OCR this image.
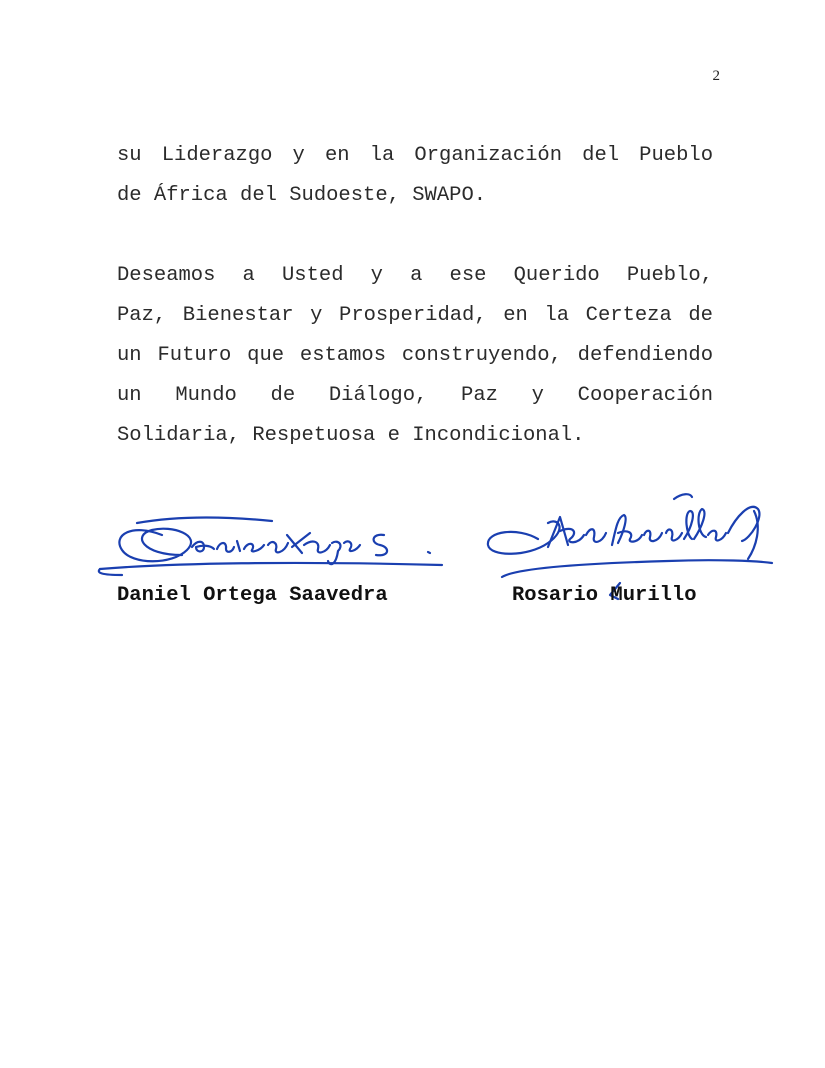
2
su Liderazgo y en la Organización del Pueblo
de África del Sudoeste, SWAPO.
Deseamos a Usted y a ese Querido Pueblo,
Paz, Bienestar y Prosperidad, en la Certeza de
un Futuro que estamos construyendo, defendiendo
un Mundo de Diálogo, Paz y Cooperación
Solidaria, Respetuosa e Incondicional.
Daniel Ortega Saavedra	Rosario Murillo
